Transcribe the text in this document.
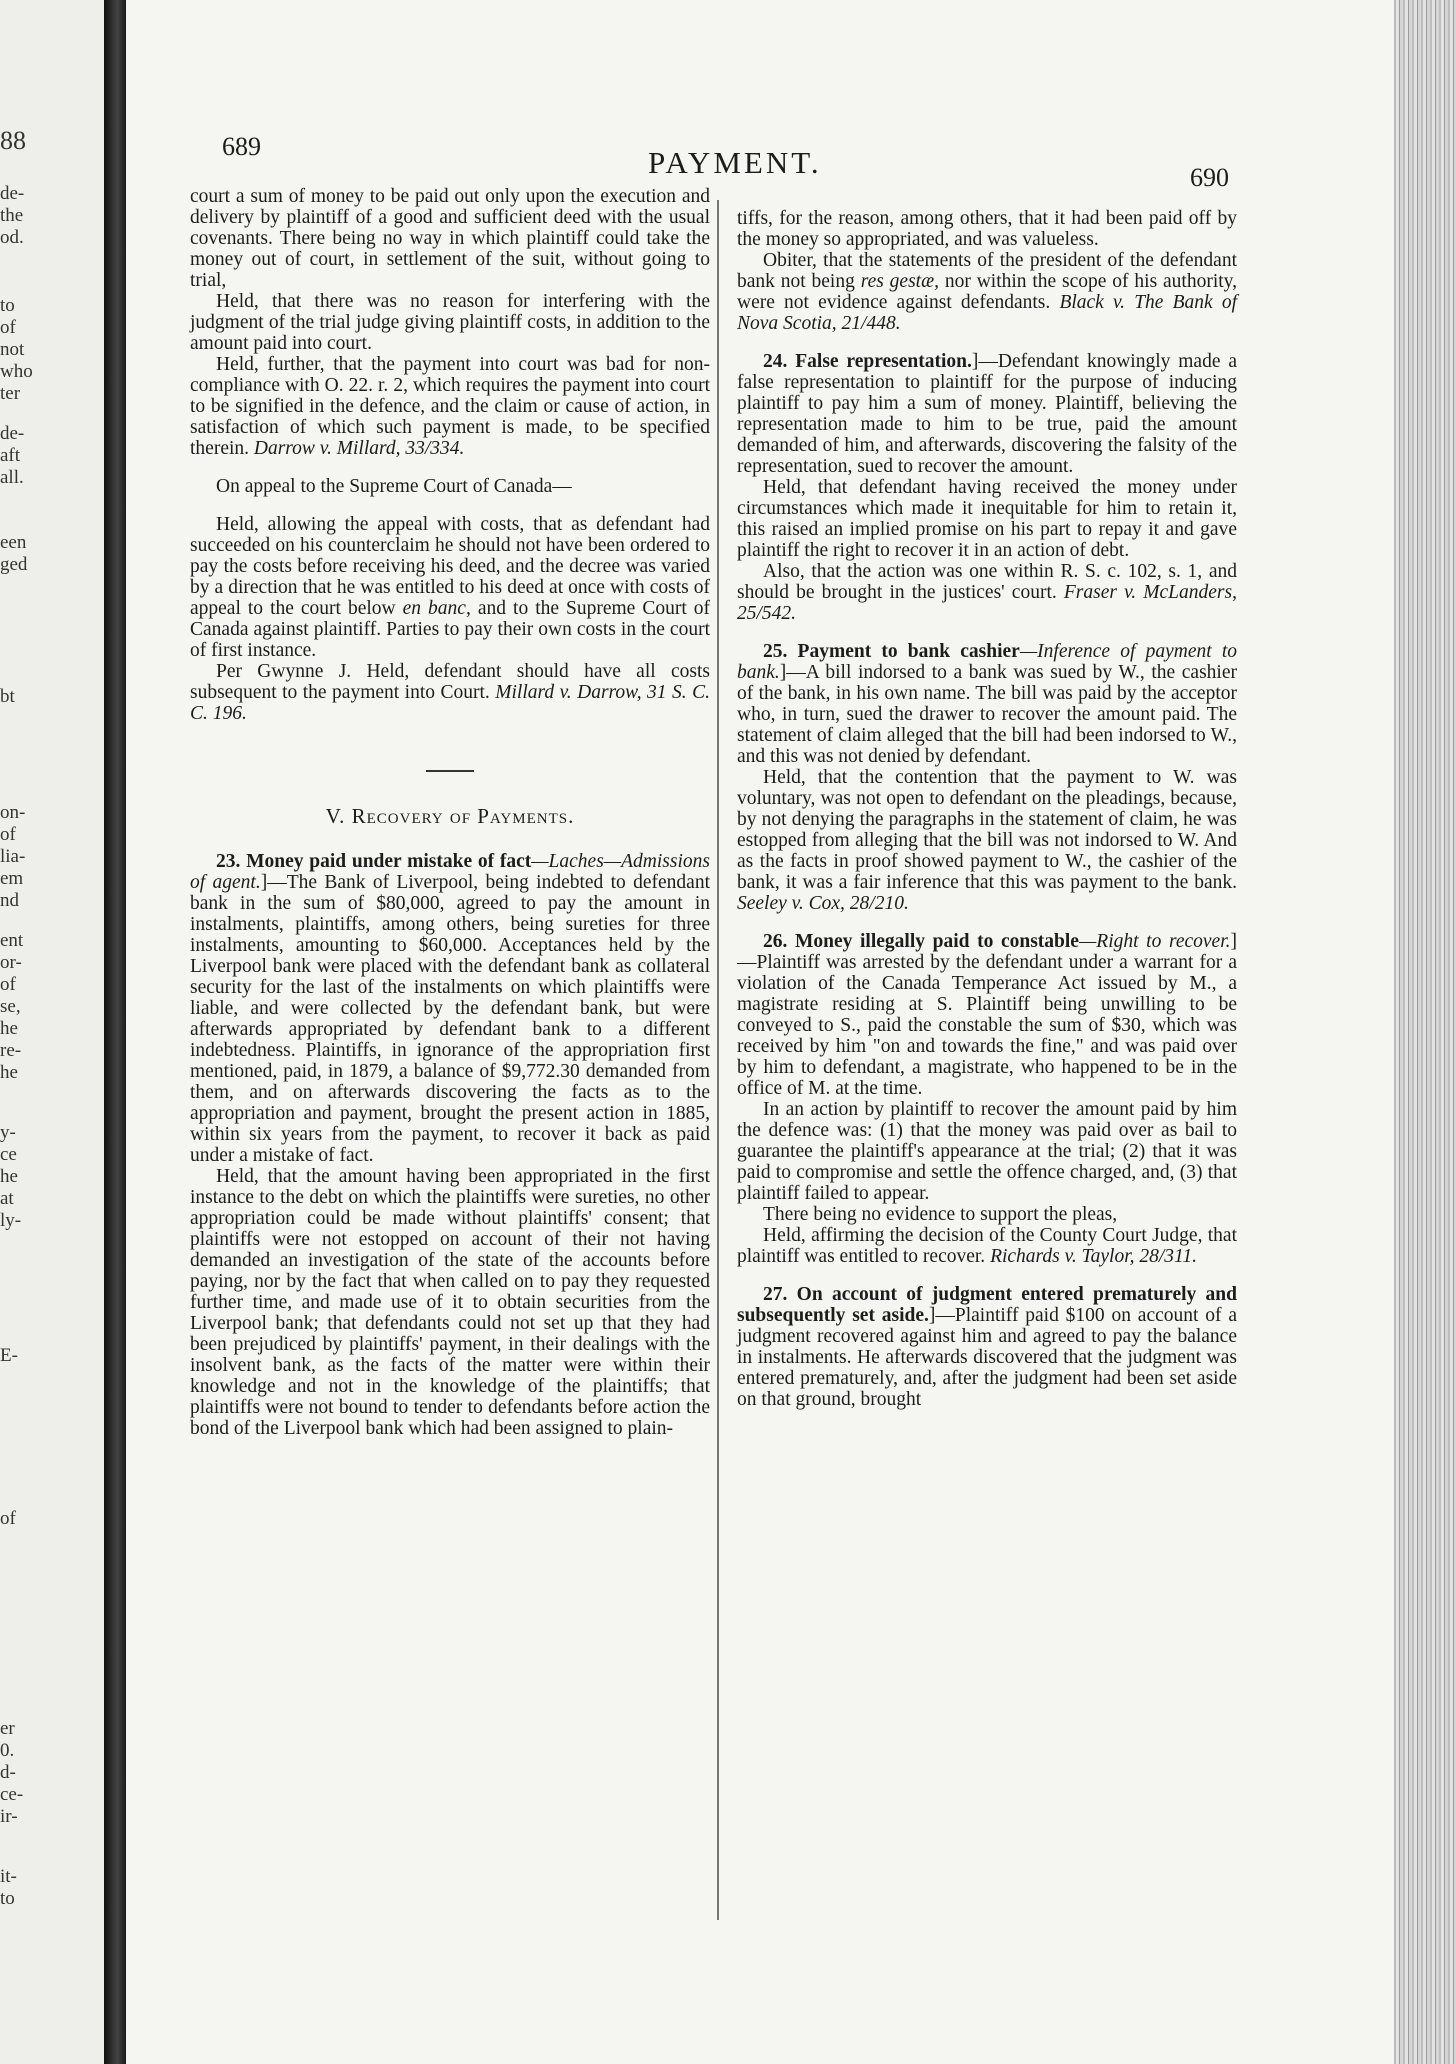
88
de-
the
od.
to
of
not
who
ter
de-
aft
all.
een
ged
bt
on-
of
lia-
em
nd
ent
or-
of
se,
he
re-
he
y-
ce
he
at
ly-
E-
of
er
0.
d-
ce-
ir-
it-
to
689	PAYMENT.	690

court a sum of money to be paid out only upon the execution and delivery by plaintiff of a good and sufficient deed with the usual covenants. There being no way in which plaintiff could take the money out of court, in settlement of the suit, without going to trial,

Held, that there was no reason for interfering with the judgment of the trial judge giving plaintiff costs, in addition to the amount paid into court.

Held, further, that the payment into court was bad for non-compliance with O. 22. r. 2, which requires the payment into court to be signified in the defence, and the claim or cause of action, in satisfaction of which such payment is made, to be specified therein. Darrow v. Millard, 33/334.

On appeal to the Supreme Court of Canada—

Held, allowing the appeal with costs, that as defendant had succeeded on his counterclaim he should not have been ordered to pay the costs before receiving his deed, and the decree was varied by a direction that he was entitled to his deed at once with costs of appeal to the court below en banc, and to the Supreme Court of Canada against plaintiff. Parties to pay their own costs in the court of first instance.

Per Gwynne J. Held, defendant should have all costs subsequent to the payment into Court. Millard v. Darrow, 31 S. C. C. 196.

V. Recovery of Payments.

23. Money paid under mistake of fact—Laches—Admissions of agent.]—The Bank of Liverpool, being indebted to defendant bank in the sum of $80,000, agreed to pay the amount in instalments, plaintiffs, among others, being sureties for three instalments, amounting to $60,000. Acceptances held by the Liverpool bank were placed with the defendant bank as collateral security for the last of the instalments on which plaintiffs were liable, and were collected by the defendant bank, but were afterwards appropriated by defendant bank to a different indebtedness. Plaintiffs, in ignorance of the appropriation first mentioned, paid, in 1879, a balance of $9,772.30 demanded from them, and on afterwards discovering the facts as to the appropriation and payment, brought the present action in 1885, within six years from the payment, to recover it back as paid under a mistake of fact.

Held, that the amount having been appropriated in the first instance to the debt on which the plaintiffs were sureties, no other appropriation could be made without plaintiffs' consent; that plaintiffs were not estopped on account of their not having demanded an investigation of the state of the accounts before paying, nor by the fact that when called on to pay they requested further time, and made use of it to obtain securities from the Liverpool bank; that defendants could not set up that they had been prejudiced by plaintiffs' payment, in their dealings with the insolvent bank, as the facts of the matter were within their knowledge and not in the knowledge of the plaintiffs; that plaintiffs were not bound to tender to defendants before action the bond of the Liverpool bank which had been assigned to plain-

tiffs, for the reason, among others, that it had been paid off by the money so appropriated, and was valueless.

Obiter, that the statements of the president of the defendant bank not being res gestæ, nor within the scope of his authority, were not evidence against defendants. Black v. The Bank of Nova Scotia, 21/448.

24. False representation.]—Defendant knowingly made a false representation to plaintiff for the purpose of inducing plaintiff to pay him a sum of money. Plaintiff, believing the representation made to him to be true, paid the amount demanded of him, and afterwards, discovering the falsity of the representation, sued to recover the amount.

Held, that defendant having received the money under circumstances which made it inequitable for him to retain it, this raised an implied promise on his part to repay it and gave plaintiff the right to recover it in an action of debt.

Also, that the action was one within R. S. c. 102, s. 1, and should be brought in the justices' court. Fraser v. McLanders, 25/542.

25. Payment to bank cashier—Inference of payment to bank.]—A bill indorsed to a bank was sued by W., the cashier of the bank, in his own name. The bill was paid by the acceptor who, in turn, sued the drawer to recover the amount paid. The statement of claim alleged that the bill had been indorsed to W., and this was not denied by defendant.

Held, that the contention that the payment to W. was voluntary, was not open to defendant on the pleadings, because, by not denying the paragraphs in the statement of claim, he was estopped from alleging that the bill was not indorsed to W. And as the facts in proof showed payment to W., the cashier of the bank, it was a fair inference that this was payment to the bank. Seeley v. Cox, 28/210.

26. Money illegally paid to constable—Right to recover.]—Plaintiff was arrested by the defendant under a warrant for a violation of the Canada Temperance Act issued by M., a magistrate residing at S. Plaintiff being unwilling to be conveyed to S., paid the constable the sum of $30, which was received by him "on and towards the fine," and was paid over by him to defendant, a magistrate, who happened to be in the office of M. at the time.

In an action by plaintiff to recover the amount paid by him the defence was: (1) that the money was paid over as bail to guarantee the plaintiff's appearance at the trial; (2) that it was paid to compromise and settle the offence charged, and, (3) that plaintiff failed to appear.

There being no evidence to support the pleas,

Held, affirming the decision of the County Court Judge, that plaintiff was entitled to recover. Richards v. Taylor, 28/311.

27. On account of judgment entered prematurely and subsequently set aside.]—Plaintiff paid $100 on account of a judgment recovered against him and agreed to pay the balance in instalments. He afterwards discovered that the judgment was entered prematurely, and, after the judgment had been set aside on that ground, brought
